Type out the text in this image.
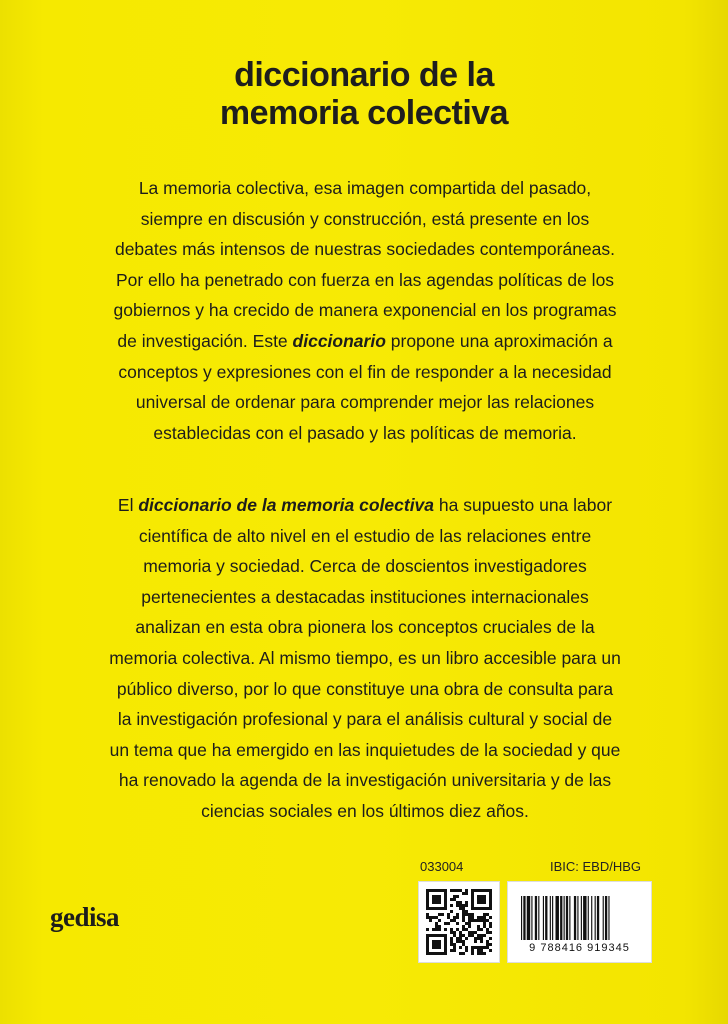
diccionario de la
memoria colectiva
La memoria colectiva, esa imagen compartida del pasado,
siempre en discusión y construcción, está presente en los
debates más intensos de nuestras sociedades contemporáneas.
Por ello ha penetrado con fuerza en las agendas políticas de los
gobiernos y ha crecido de manera exponencial en los programas
de investigación. Este diccionario propone una aproximación a
conceptos y expresiones con el fin de responder a la necesidad
universal de ordenar para comprender mejor las relaciones
establecidas con el pasado y las políticas de memoria.
El diccionario de la memoria colectiva ha supuesto una labor
científica de alto nivel en el estudio de las relaciones entre
memoria y sociedad. Cerca de doscientos investigadores
pertenecientes a destacadas instituciones internacionales
analizan en esta obra pionera los conceptos cruciales de la
memoria colectiva. Al mismo tiempo, es un libro accesible para un
público diverso, por lo que constituye una obra de consulta para
la investigación profesional y para el análisis cultural y social de
un tema que ha emergido en las inquietudes de la sociedad y que
ha renovado la agenda de la investigación universitaria y de las
ciencias sociales en los últimos diez años.
033004	IBIC: EBD/HBG
gedisa
9 788416 919345
